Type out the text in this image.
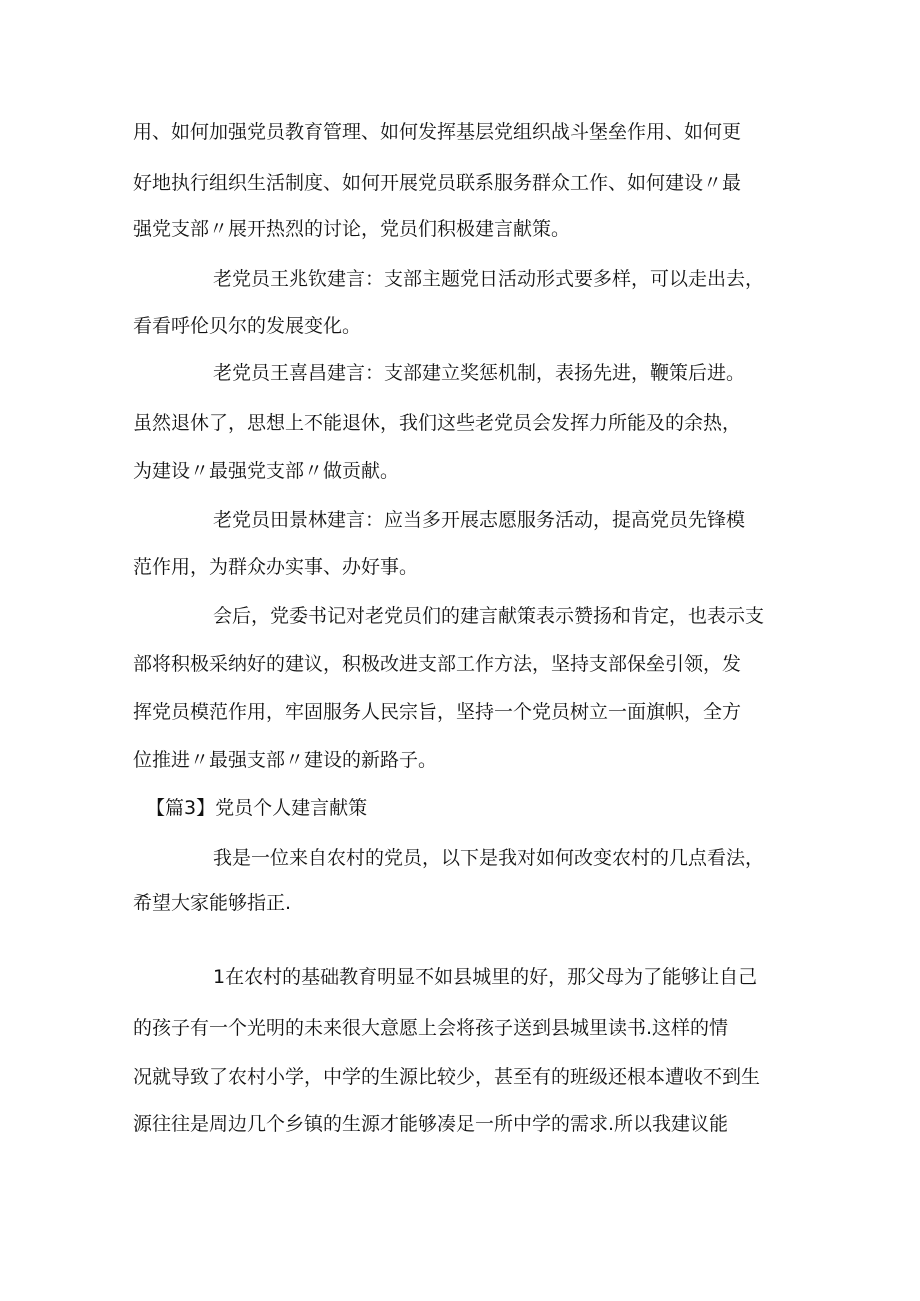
用、如何加强党员教育管理、如何发挥基层党组织战斗堡垒作用、如何更
好地执行组织生活制度、如何开展党员联系服务群众工作、如何建设〃最
强党支部〃展开热烈的讨论，党员们积极建言献策。
老党员王兆钦建言：支部主题党日活动形式要多样，可以走出去，
看看呼伦贝尔的发展变化。
老党员王喜昌建言：支部建立奖惩机制，表扬先进，鞭策后进。
虽然退休了，思想上不能退休，我们这些老党员会发挥力所能及的余热，
为建设〃最强党支部〃做贡献。
老党员田景林建言：应当多开展志愿服务活动，提高党员先锋模
范作用，为群众办实事、办好事。
会后，党委书记对老党员们的建言献策表示赞扬和肯定，也表示支
部将积极采纳好的建议，积极改进支部工作方法，坚持支部保垒引领，发
挥党员模范作用，牢固服务人民宗旨，坚持一个党员树立一面旗帜，全方
位推进〃最强支部〃建设的新路子。
【篇3】党员个人建言献策
我是一位来自农村的党员，以下是我对如何改变农村的几点看法，
希望大家能够指正.
1在农村的基础教育明显不如县城里的好，那父母为了能够让自己
的孩子有一个光明的未来很大意愿上会将孩子送到县城里读书.这样的情
况就导致了农村小学，中学的生源比较少，甚至有的班级还根本遭收不到生
源往往是周边几个乡镇的生源才能够凑足一所中学的需求.所以我建议能
